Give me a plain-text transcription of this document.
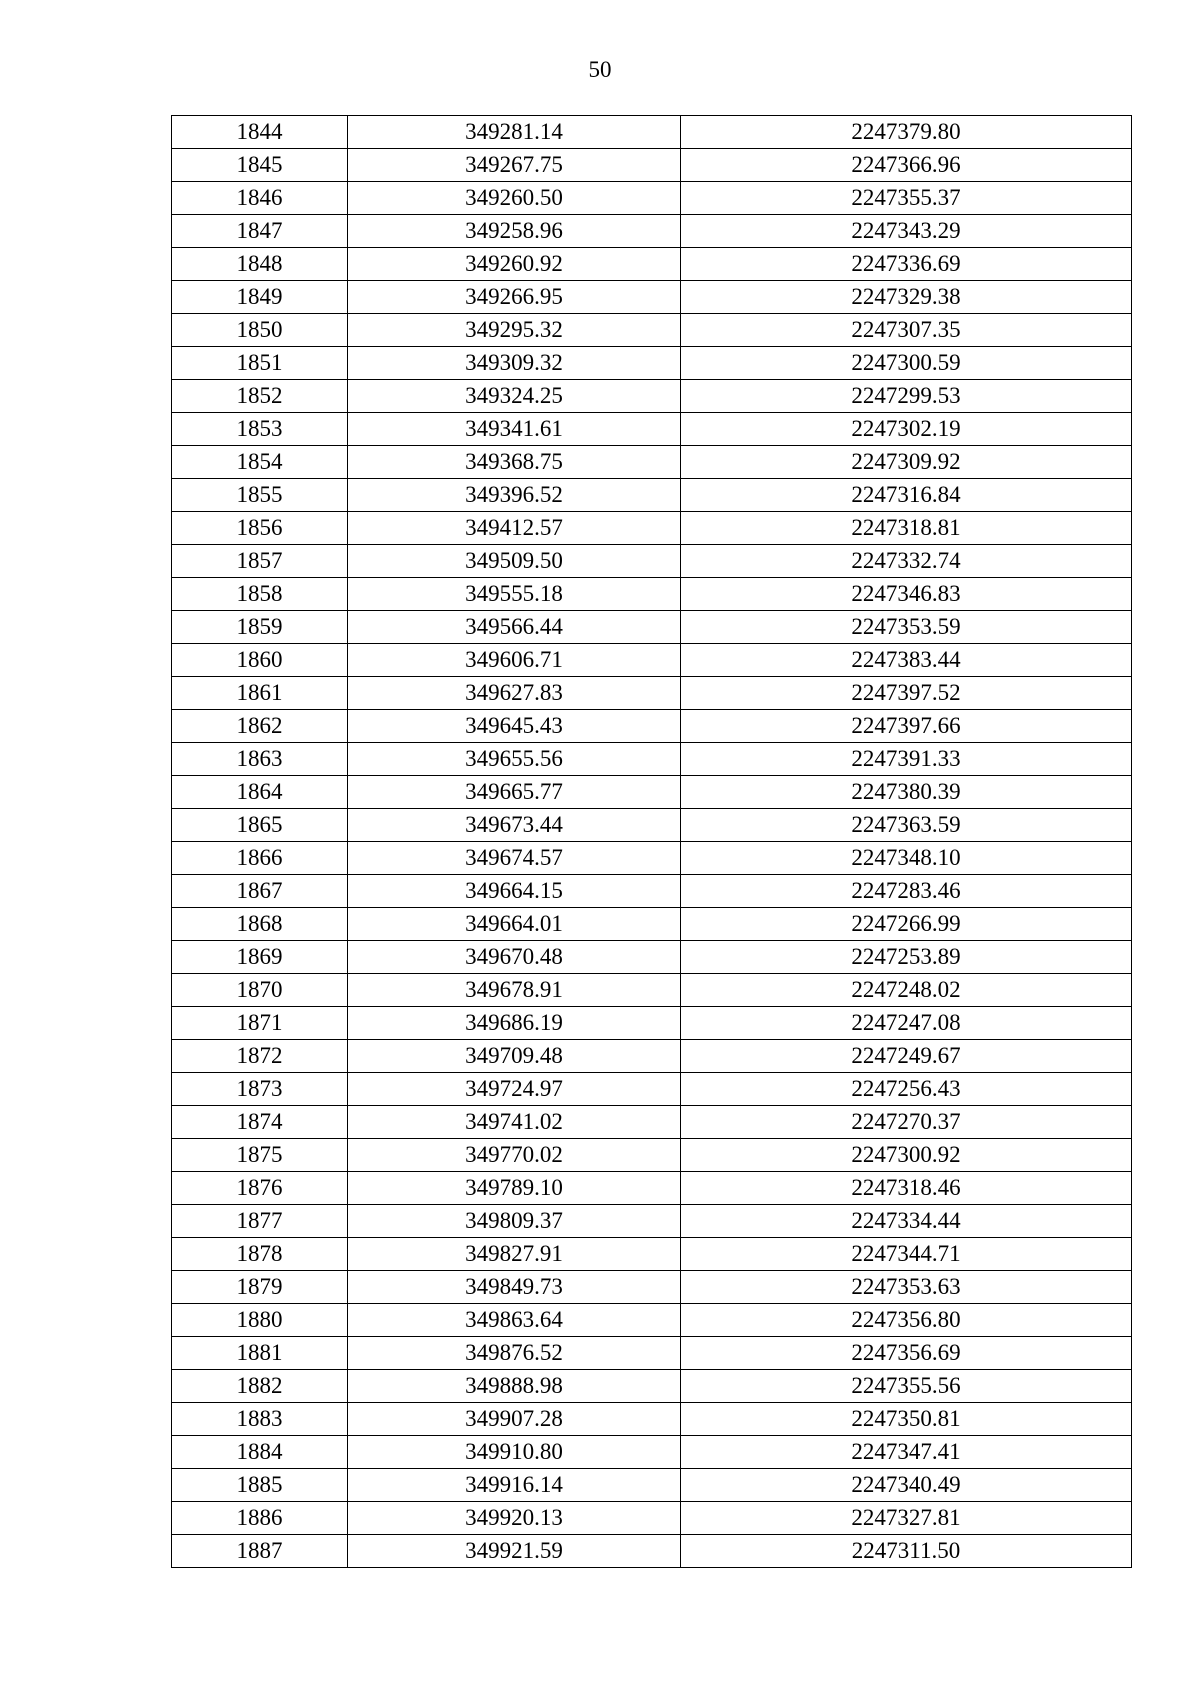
50
1844	349281.14	2247379.80
1845	349267.75	2247366.96
1846	349260.50	2247355.37
1847	349258.96	2247343.29
1848	349260.92	2247336.69
1849	349266.95	2247329.38
1850	349295.32	2247307.35
1851	349309.32	2247300.59
1852	349324.25	2247299.53
1853	349341.61	2247302.19
1854	349368.75	2247309.92
1855	349396.52	2247316.84
1856	349412.57	2247318.81
1857	349509.50	2247332.74
1858	349555.18	2247346.83
1859	349566.44	2247353.59
1860	349606.71	2247383.44
1861	349627.83	2247397.52
1862	349645.43	2247397.66
1863	349655.56	2247391.33
1864	349665.77	2247380.39
1865	349673.44	2247363.59
1866	349674.57	2247348.10
1867	349664.15	2247283.46
1868	349664.01	2247266.99
1869	349670.48	2247253.89
1870	349678.91	2247248.02
1871	349686.19	2247247.08
1872	349709.48	2247249.67
1873	349724.97	2247256.43
1874	349741.02	2247270.37
1875	349770.02	2247300.92
1876	349789.10	2247318.46
1877	349809.37	2247334.44
1878	349827.91	2247344.71
1879	349849.73	2247353.63
1880	349863.64	2247356.80
1881	349876.52	2247356.69
1882	349888.98	2247355.56
1883	349907.28	2247350.81
1884	349910.80	2247347.41
1885	349916.14	2247340.49
1886	349920.13	2247327.81
1887	349921.59	2247311.50
